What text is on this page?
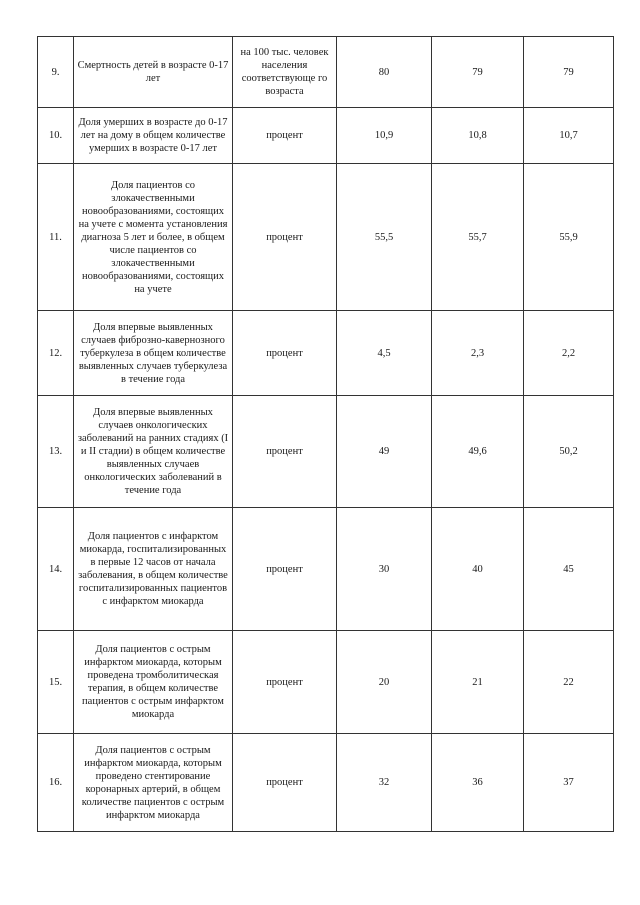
9.	Смертность детей в возрасте 0-17 лет	на 100 тыс. человек населения соответствующе го возраста	80	79	79
10.	Доля умерших в возрасте до 0-17 лет на дому в общем количестве умерших в возрасте 0-17 лет	процент	10,9	10,8	10,7
11.	Доля пациентов со злокачественными новообразованиями, состоящих на учете с момента установления диагноза 5 лет и более, в общем числе пациентов со злокачественными новообразованиями, состоящих на учете	процент	55,5	55,7	55,9
12.	Доля впервые выявленных случаев фиброзно-кавернозного туберкулеза в общем количестве выявленных случаев туберкулеза в течение года	процент	4,5	2,3	2,2
13.	Доля впервые выявленных случаев онкологических заболеваний на ранних стадиях (I и II стадии) в общем количестве выявленных случаев онкологических заболеваний в течение года	процент	49	49,6	50,2
14.	Доля пациентов с инфарктом миокарда, госпитализированных в первые 12 часов от начала заболевания, в общем количестве госпитализированных пациентов с инфарктом миокарда	процент	30	40	45
15.	Доля пациентов с острым инфарктом миокарда, которым проведена тромболитическая терапия, в общем количестве пациентов с острым инфарктом миокарда	процент	20	21	22
16.	Доля пациентов с острым инфарктом миокарда, которым проведено стентирование коронарных артерий, в общем количестве пациентов с острым инфарктом миокарда	процент	32	36	37
